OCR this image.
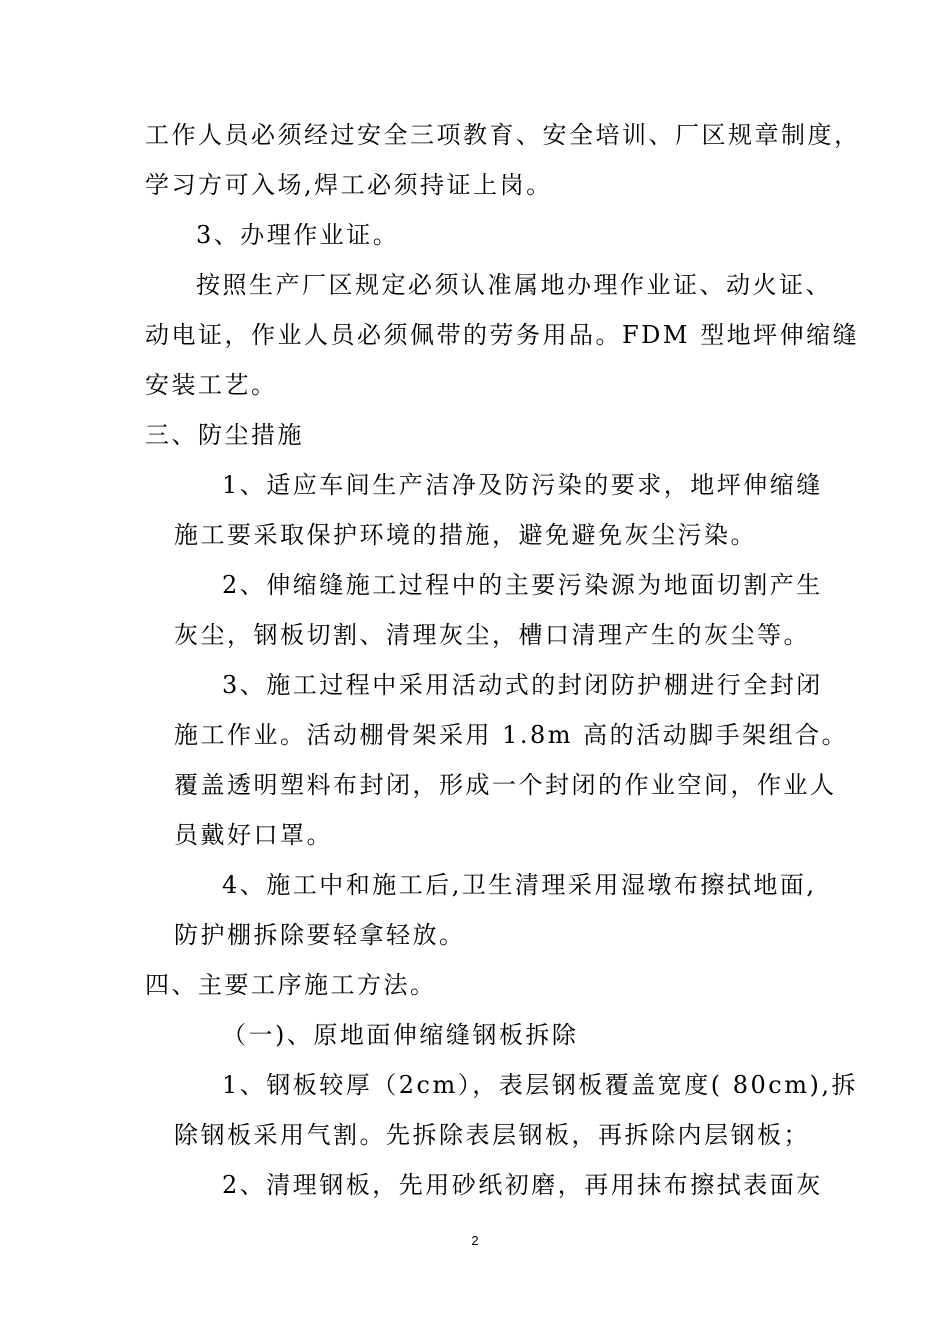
工作人员必须经过安全三项教育、安全培训、厂区规章制度，
学习方可入场,焊工必须持证上岗。
3、办理作业证。
按照生产厂区规定必须认准属地办理作业证、动火证、
动电证，作业人员必须佩带的劳务用品。FDM 型地坪伸缩缝
安装工艺。
三、防尘措施
1、适应车间生产洁净及防污染的要求，地坪伸缩缝
施工要采取保护环境的措施，避免避免灰尘污染。
2、伸缩缝施工过程中的主要污染源为地面切割产生
灰尘，钢板切割、清理灰尘，槽口清理产生的灰尘等。
3、施工过程中采用活动式的封闭防护棚进行全封闭
施工作业。活动棚骨架采用 1.8m 高的活动脚手架组合。
覆盖透明塑料布封闭，形成一个封闭的作业空间，作业人
员戴好口罩。
4、施工中和施工后,卫生清理采用湿墩布擦拭地面,
防护棚拆除要轻拿轻放。
四、主要工序施工方法。
（一)、原地面伸缩缝钢板拆除
1、钢板较厚（2cm），表层钢板覆盖宽度( 80cm),拆
除钢板采用气割。先拆除表层钢板，再拆除内层钢板；
2、清理钢板，先用砂纸初磨，再用抹布擦拭表面灰
2
